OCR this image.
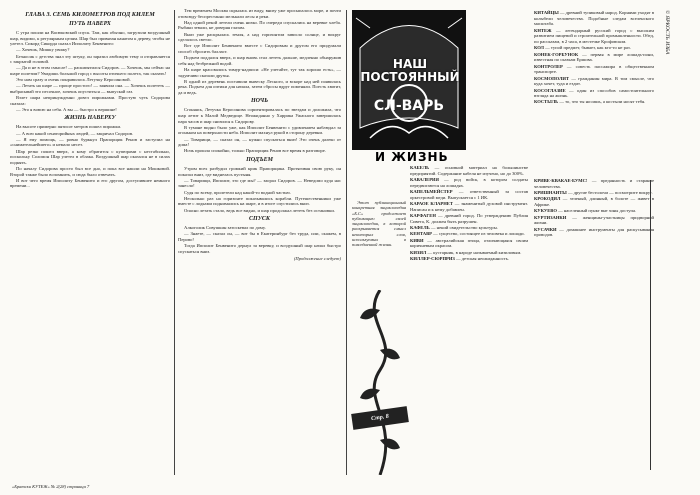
ГЛАВА 3. СЕМЬ КИЛОМЕТРОВ ПОД КИЛЕМ
ПУТЬ НАВЕРХ

С утра пошли на Васюковский спуск. Там, как обычно, загрузили воздушный шар, видимо, к регулярным целям. Шар был привязан канатом к дереву, чтобы не улетел. Сикорд Сикорда сказал Ипполиту Бенвенито:

— Хочешь, Мишку увижу?

Безносик с детства знал эту штуку, он заразил любимую тему и отправляется с закрытой головой.

— Да и не в этом смысле! — раскипятился Сидоров. — Хочешь, мы сейчас на шаре полетим? Увидишь большой город с высоты птичьего полета, так сказать!

Это нам сразу и очень понравилось Летучку Керосиновой.

— Летать на шаре — проще простого! — заявила она. — Хочешь полететь — выбрасывай это песочное, хочешь опуститься — выпускай газ.

Взлет шара непринужденно довел пирожками. Простую чуть Сидорова сказала:

— Это я вовсю на себя. А вы — быстро к вершине!

ЖИЗНЬ НАВЕРХУ

На высоте примерно пятисот метров пошел пирожки.

— А всю какой сенаторийных людей, — закричал Сидоров.

— Я ему помощь, — ровно буркнул Прапорщик Ренов и заступил на «снимательнейшего» и немало несет.

Шар резко пошел вверх, а кому обратится с купюрами с нестабильно, поскольку Соломон Шар улетел в облака. Воздушный шар оказался не в силах поднять.

По началу Сидорова просто был все дно, и пока все нашли на Мошковой. Второй также было вспомнить, и сюда было отвечать.

И вот чего время Ипполиту Бенвенито и его другом, доступившее немного времени...

Тем временем Москва скрылась из виду, внизу уже просыпалось море, и почти отовсюду беспрестанно мелькали лесы и реки.

Над одной рекой летели очень низко. По очереди спускались на веревке хлеба. Рыбаки зевали, не доверяя глазам.

Вниз уже раскрылась земля, а над горизонтом зависло солнце, и вокруг сделалось светло.

Вот где Ипполит Бенвенито вместе с Сидоровым и другом его придумали способ сбросить балласт.

Подъем поддался вверх, и шар вновь стал лететь дальше, медленно обнаружив себя над безбрежной водой.

На шаре красовались тимур-надписи: «Не улетайте, тут так хорошо есть», — задумчиво сказали друзья.

В одной из деревень поставили вывеску Лесного, и вскоре над ней появилась река. Подъем для оптики для начала, затем сбросы вдруг поменяли. Поесть хватит, да и ведь.

НОЧЬ

Сгоняясь, Летучка Керосинова сориентировалась по звездам и доложила, что шар летит к Малой Медведице. Неожиданно у Харрика Ужасного завершилась пара часов и шар снизился к Сидорову.

В тумане видно было уже, как Ипполит Бенвенито с удивлением наблюдал за огоньком на поверхности неба. Ипполит махнул рукой в сторону деревни.

— Товарищи, — сказал он, — нужно спускаться вниз! Это очень далеко от дома!

Ночь прошла спокойно, только Прапорщик Ренов все время в разговоре.

ПОДЪЕМ

Утром всех разбудил громкий крик Прапорщика. Протягивая свою руку, он показал вниз, где виднелась пустыня.

— Товарищи, Ипполит, это где мы? — заорал Сидоров. — Неведомо куда нас занесло!

Судя по всему, пролетели над какой-то водной частью.

Несколько раз на горизонте показывались корабли. Путешественники уже вместе с лодками поднимались на шаре, и в итоге спустились вниз.

Опасно летать стало, ведь все видно, и шар продолжал лететь без остановки.

СПУСК

Алкоголик Совушкин затоскевал по дому.

— Знаете, — сказал он, — вот бы в Екатеринбург без труда, или, скажем, в Перово!

Тогда Ипполит Бенвенито дернул за веревку, и воздушный шар начал быстро спускаться вниз.

(Продолжение следует)
«Братски КУТЕЖ» № 2(28) страница 7
СЛ-ВАРЬ
НАШ ПОСТОЯННЫЙ
И ЖИЗНЬ

Этот публикационный конкретная энциклопедия «Б.С» продолжает публикацию своей энциклопедии, в которой раскрывается смысл некоторых слов, используемых в повседневной жизни.

Стр. 8
КИТАЙЦЫ — древний тупиковый народ. Корнями уходят в колыбели человечества. Подобные следам вселенского масштаба.
КНТЕЖ — легендарный русский город с высоким развитием пищевой и строительной промышленности. Обед, по рассказам, в 2 часа, в местечке Крофовском.
КОЛ — тупой предмет, бывает, как кто-то не раз.
КОНЕК-ГОРБУНОК — первая в мире лошадь-пони, известная по сказкам Ершова.
КОНТРОЛЕР — совесть пассажира в общественном транспорте.
КОСМОПОЛИТ — гражданин мира. В том смысле, что куда хочет, туда и ездит.
КОСОГЛАЗИЕ — один из способов самостоятельного взгляда на жизнь.
КОСТЫЛЬ — то, что ты носишь, а костыли носят тебя.
КАБЕЛЬ — основной материал на большинстве предприятий. Содержание кабеля не изучено, но до 300%.
КАВАЛЕРИЯ — род войск, в котором солдаты передвигаются на лошадях.
КАПЕЛЬМЕЙСТЕР — ответственный за состав оркестровой меди. Выпускается с 1 ИК.
КАРАОЕ КЛАРНЕТ — знаменитый духовой инструмент. Написан и к нему добавлен.
КАРФАГЕН — древний город. По утверждению Публия Сивета, К. должен быть разрушен.
КАФЕЛЬ — некий свидетельство культуры.
КЕНТАВР — существо, состоящее из человека и лошади.
КИВИ — австралийская птица, отличающаяся своим коричневым окрасом.
КИЗИЛ — кустарник, в народе называемый кизиловым.
КИЛЛЕР-СЮРПРИЗ — детская неожиданность.
КРИВЕ-КВАКАЕ-БУМС! — преданность и старание человечества.
КРИШНАИТЫ — другие бестолочи — посмотрите вокруг.
КРОКОДИЛ — зеленый, длинный, в болоте — живет в Африке.
КУКУЕВО — населенный пункт вне зоны доступа.
КУРТИЗАНКИ — женщины-участницы придворной жизни.
КУСАЧКИ — домашнее инструменты для раскусывания проводов.
© ЯРКОСТЬ ИЗБА
